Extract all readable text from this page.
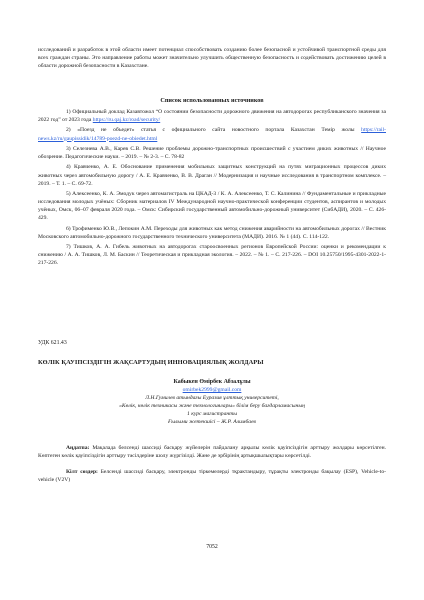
исследований и разработок в этой области имеет потенциал способствовать созданию более безопасной и устойчивой транспортной среды для всех граждан страны. Это направление работы может значительно улучшить общественную безопасность и содействовать достижению целей в области дорожной безопасности в Казахстане.

Список использованных источников

1) Официальный доклад Казавтожол “О состоянии безопасности дорожного движения на автодорогах республиканского значения за 2022 год” от 2023 года https://ru.qaj.kz/road/security/

2) «Поезд не объедет» статья с официального сайта новостного портала Казахстан Темір жолы https://rail-news.kz/ru/gaupissidik/14789-poezd-ne-obiedet.html

3) Селезнева А.В., Карев С.В. Решение проблемы дорожно-транспортных происшествий с участием диких животных // Научное обозрение. Педагогические науки. – 2019. – № 2-3. – С. 78-82

4) Кравченко, А. Е. Обоснование применения мобильных защитных конструкций на путях миграционных процессов диких животных через автомобильную дорогу / А. Е. Кравченко, В. В. Драган // Модернизация и научные исследования в транспортном комплексе. – 2019. – Т. 1. – С. 69-72.

5) Алексеенко, К. А. Эмодук через автомагистраль на ЦКАД-3 / К. А. Алексеенко, Т. С. Калинина // Фундаментальные и прикладные исследования молодых учёных: Сборник материалов IV Международной научно-практической конференции студентов, аспирантов и молодых учёных, Омск, 06–07 февраля 2020 года. – Омск: Сибирский государственный автомобильно-дорожный университет (СибАДИ), 2020. – С. 426-429.

6) Трофименко Ю.В., Лепокин А.М. Переходы для животных как метод снижения аварийности на автомобильных дорогах // Вестник Московского автомобильно-дорожного государственного технического университета (МАДИ). 2016. № 1 (44). С. 114-122.

7) Тишков, А. А. Гибель животных на автодорогах староосвоенных регионов Европейской России: оценки и рекомендации к снижению / А. А. Тишков, Л. М. Баскин // Теоретическая и прикладная экология. – 2022. – № 1. – С. 217-226. – DOI 10.25750/1995-4301-2022-1-217-226.

УДК 621.43
КӨЛІК ҚАУІПСІЗДІГІН ЖАҚСАРТУДЫҢ ИННОВАЦИЯЛЫҚ ЖОЛДАРЫ
Кабыкен Өмірбек Абзалұлы
omirbek2999@gmail.com
Л.Н.Гумилев атындағы Еуразия ұлттық университеті,
«Көлік, көлік техникасы және технологиялары» білім беру бағдарламасының
1 курс магистранты
Ғылыми жетекшісі – Ж.Р. Алимбаев

Аңдатпа: Мақалада белсенді шассиді басқару жүйелерін пайдалану арқылы көлік қауіпсіздігін арттыру жолдары көрсетілген. Көптеген көлік қауіпсіздігін арттыру тәсілдеріне шолу жүргізілді. Және де эрбірінің артықшылықтары көрсетілді.

Кілт сөздер: Белсенді шассиді басқару, электронды тіркемелерді тқрактандыру, тұрақты электронды бақылау (ESP), Vehicle-to-vehicle (V2V)

7052
